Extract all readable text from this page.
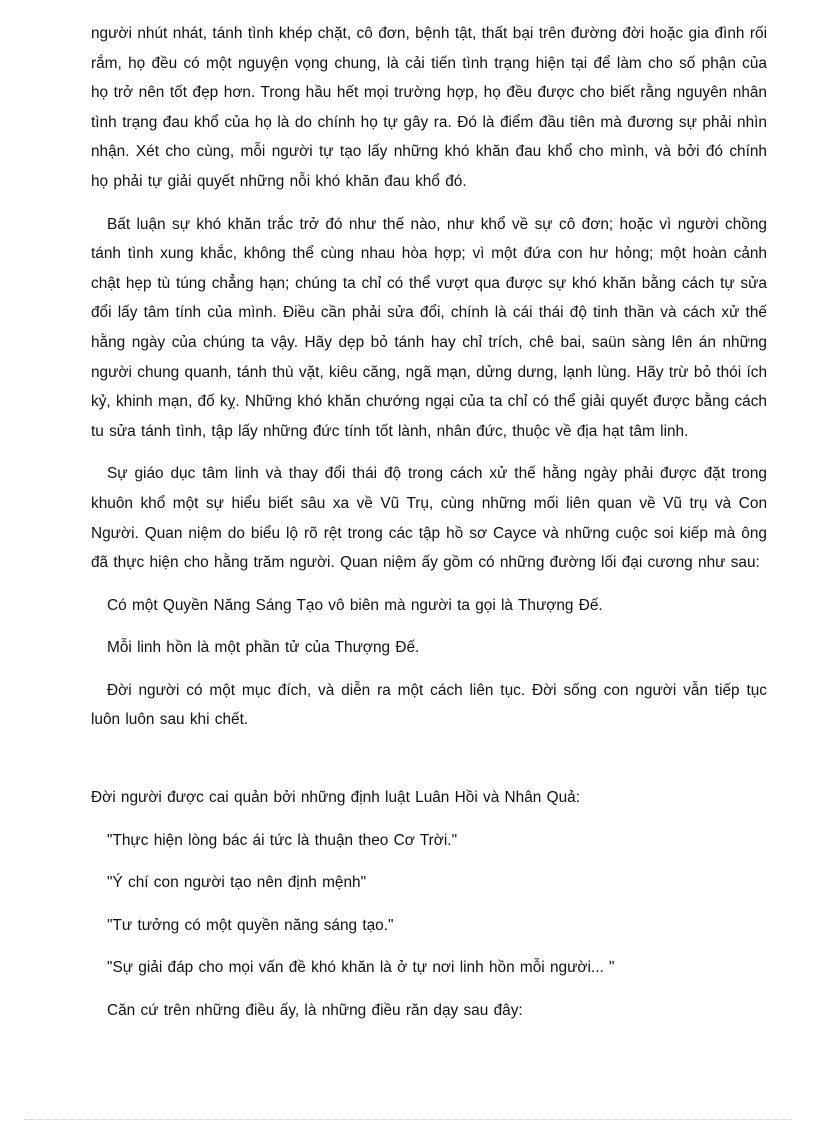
người nhút nhát, tánh tình khép chặt, cô đơn, bệnh tật, thất bại trên đường đời hoặc gia đình rối rắm, họ đều có một nguyện vọng chung, là cải tiến tình trạng hiện tại để làm cho số phận của họ trở nên tốt đẹp hơn. Trong hầu hết mọi trường hợp, họ đều được cho biết rằng nguyên nhân tình trạng đau khổ của họ là do chính họ tự gây ra. Đó là điểm đầu tiên mà đương sự phải nhìn nhận. Xét cho cùng, mỗi người tự tạo lấy những khó khăn đau khổ cho mình, và bởi đó chính họ phải tự giải quyết những nỗi khó khăn đau khổ đó.

Bất luận sự khó khăn trắc trở đó như thế nào, như khổ về sự cô đơn; hoặc vì người chồng tánh tình xung khắc, không thể cùng nhau hòa hợp; vì một đứa con hư hỏng; một hoàn cảnh chật hẹp tù túng chẳng hạn; chúng ta chỉ có thể vượt qua được sự khó khăn bằng cách tự sửa đổi lấy tâm tính của mình. Điều cần phải sửa đổi, chính là cái thái độ tinh thần và cách xử thế hằng ngày của chúng ta vậy. Hãy dẹp bỏ tánh hay chỉ trích, chê bai, saün sàng lên án những người chung quanh, tánh thù vặt, kiêu căng, ngã mạn, dửng dưng, lạnh lùng. Hãy trừ bỏ thói ích kỷ, khinh mạn, đố kỵ. Những khó khăn chướng ngại của ta chỉ có thể giải quyết được bằng cách tu sửa tánh tình, tập lấy những đức tính tốt lành, nhân đức, thuộc về địa hạt tâm linh.

Sự giáo dục tâm linh và thay đổi thái độ trong cách xử thế hằng ngày phải được đặt trong khuôn khổ một sự hiểu biết sâu xa về Vũ Trụ, cùng những mối liên quan về Vũ trụ và Con Người. Quan niệm do biểu lộ rõ rệt trong các tập hồ sơ Cayce và những cuộc soi kiếp mà ông đã thực hiện cho hằng trăm người. Quan niệm ấy gồm có những đường lối đại cương như sau:

Có một Quyền Năng Sáng Tạo vô biên mà người ta gọi là Thượng Đế.

Mỗi linh hồn là một phần tử của Thượng Đế.

Đời người có một mục đích, và diễn ra một cách liên tục. Đời sống con người vẫn tiếp tục luôn luôn sau khi chết.

Đời người được cai quản bởi những định luật Luân Hồi và Nhân Quả:

"Thực hiện lòng bác ái tức là thuận theo Cơ Trời."

"Ý chí con người tạo nên định mệnh"

"Tư tưởng có một quyền năng sáng tạo."

"Sự giải đáp cho mọi vấn đề khó khăn là ở tự nơi linh hồn mỗi người... "

Căn cứ trên những điều ấy, là những điều răn dạy sau đây:
